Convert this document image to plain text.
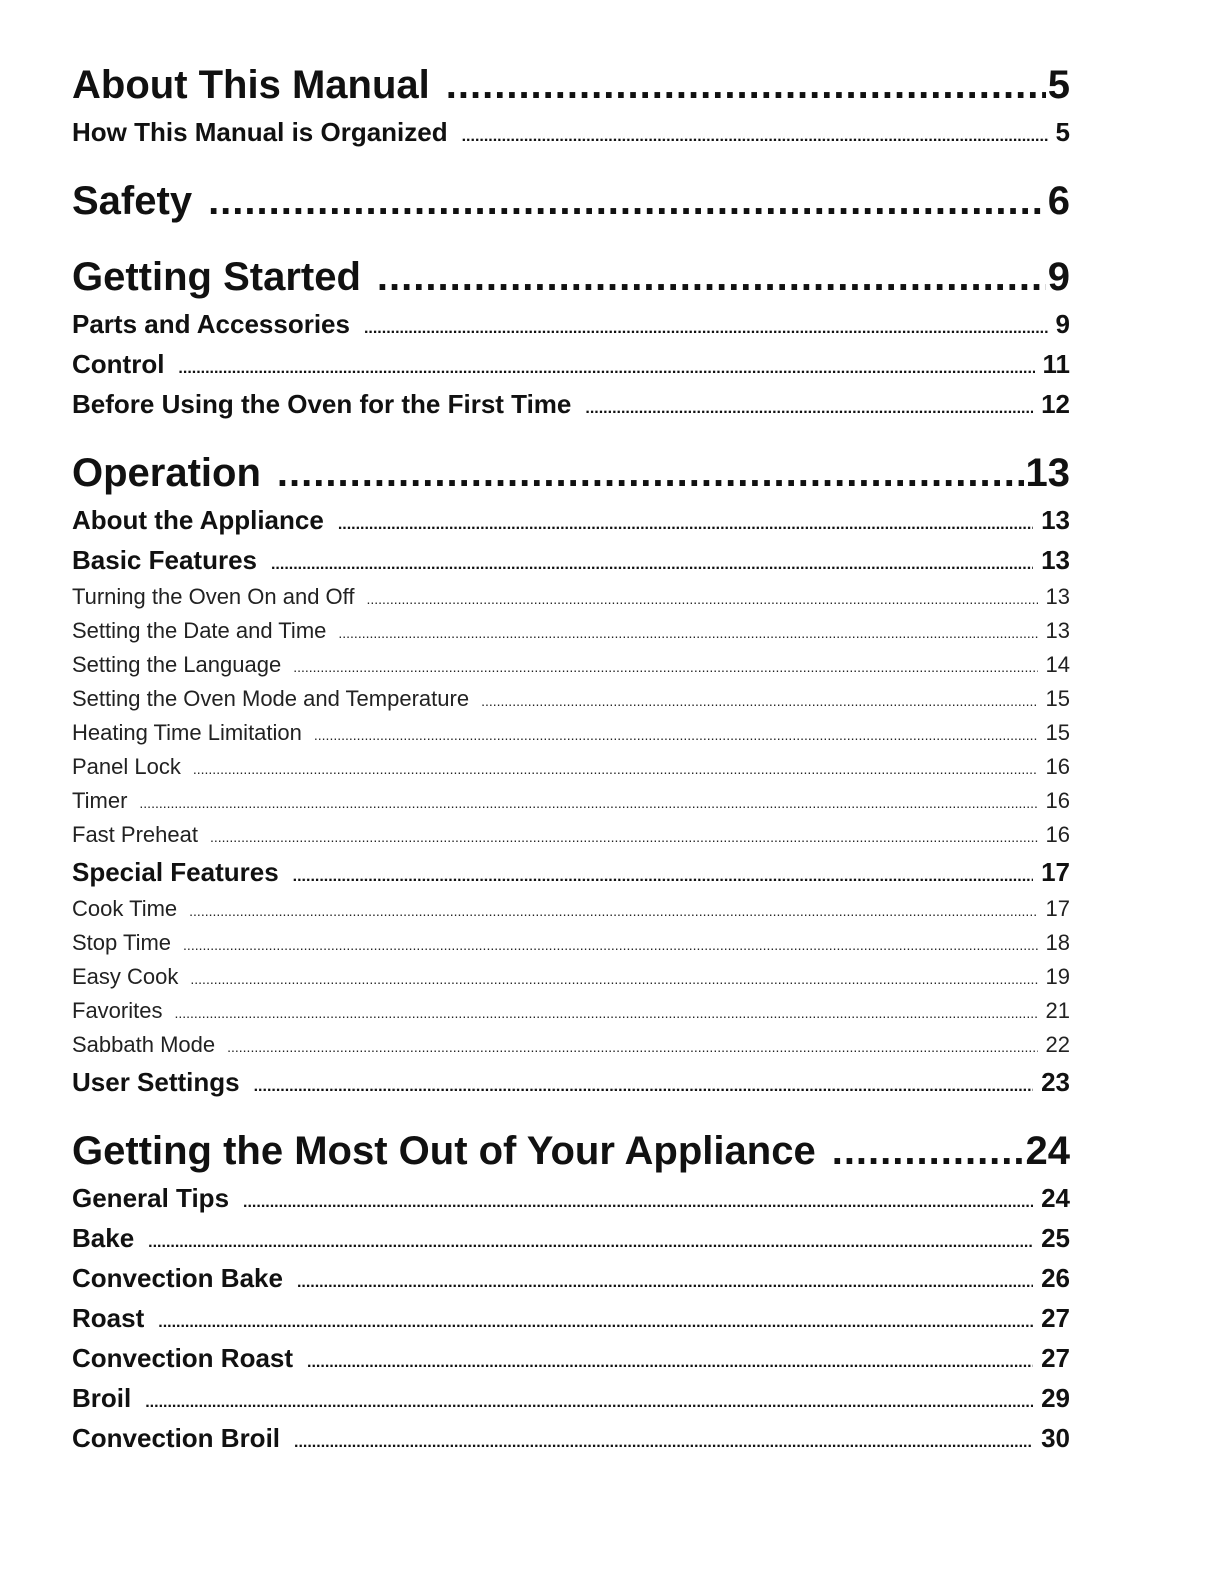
About This Manual .....	5
How This Manual is Organized .....	5
Safety .....	6
Getting Started .....	9
Parts and Accessories .....	9
Control .....	11
Before Using the Oven for the First Time .....	12
Operation .....	13
About the Appliance .....	13
Basic Features .....	13
Turning the Oven On and Off .....	13
Setting the Date and Time .....	13
Setting the Language .....	14
Setting the Oven Mode and Temperature .....	15
Heating Time Limitation .....	15
Panel Lock .....	16
Timer .....	16
Fast Preheat .....	16
Special Features .....	17
Cook Time .....	17
Stop Time .....	18
Easy Cook .....	19
Favorites .....	21
Sabbath Mode .....	22
User Settings .....	23
Getting the Most Out of Your Appliance .....	24
General Tips .....	24
Bake .....	25
Convection Bake .....	26
Roast .....	27
Convection Roast .....	27
Broil .....	29
Convection Broil .....	30
